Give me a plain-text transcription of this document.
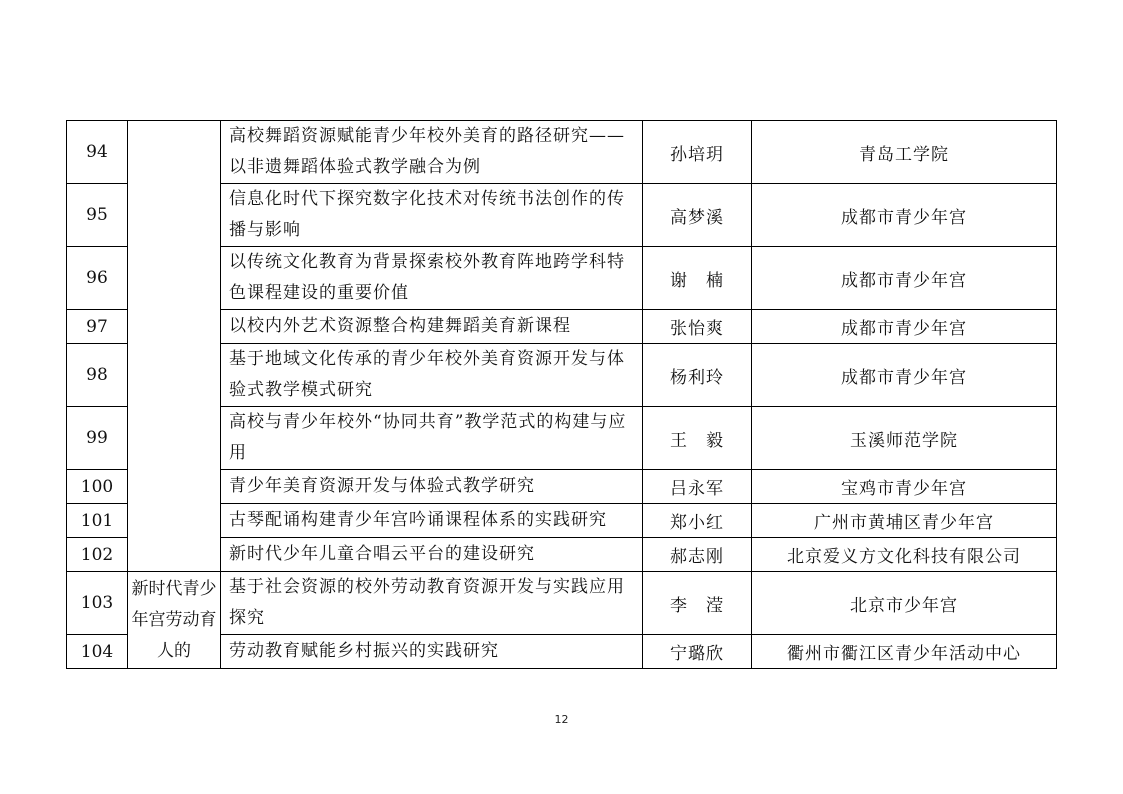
94		高校舞蹈资源赋能青少年校外美育的路径研究——以非遗舞蹈体验式教学融合为例	孙培玥	青岛工学院
95		信息化时代下探究数字化技术对传统书法创作的传播与影响	高梦溪	成都市青少年宫
96		以传统文化教育为背景探索校外教育阵地跨学科特色课程建设的重要价值	谢　楠	成都市青少年宫
97		以校内外艺术资源整合构建舞蹈美育新课程	张怡爽	成都市青少年宫
98		基于地域文化传承的青少年校外美育资源开发与体验式教学模式研究	杨利玲	成都市青少年宫
99		高校与青少年校外“协同共育”教学范式的构建与应用	王　毅	玉溪师范学院
100		青少年美育资源开发与体验式教学研究	吕永军	宝鸡市青少年宫
101		古琴配诵构建青少年宫吟诵课程体系的实践研究	郑小红	广州市黄埔区青少年宫
102		新时代少年儿童合唱云平台的建设研究	郝志刚	北京爱义方文化科技有限公司
103	新时代青少年宫劳动育人的	基于社会资源的校外劳动教育资源开发与实践应用探究	李　滢	北京市少年宫
104		劳动教育赋能乡村振兴的实践研究	宁璐欣	衢州市衢江区青少年活动中心
12
